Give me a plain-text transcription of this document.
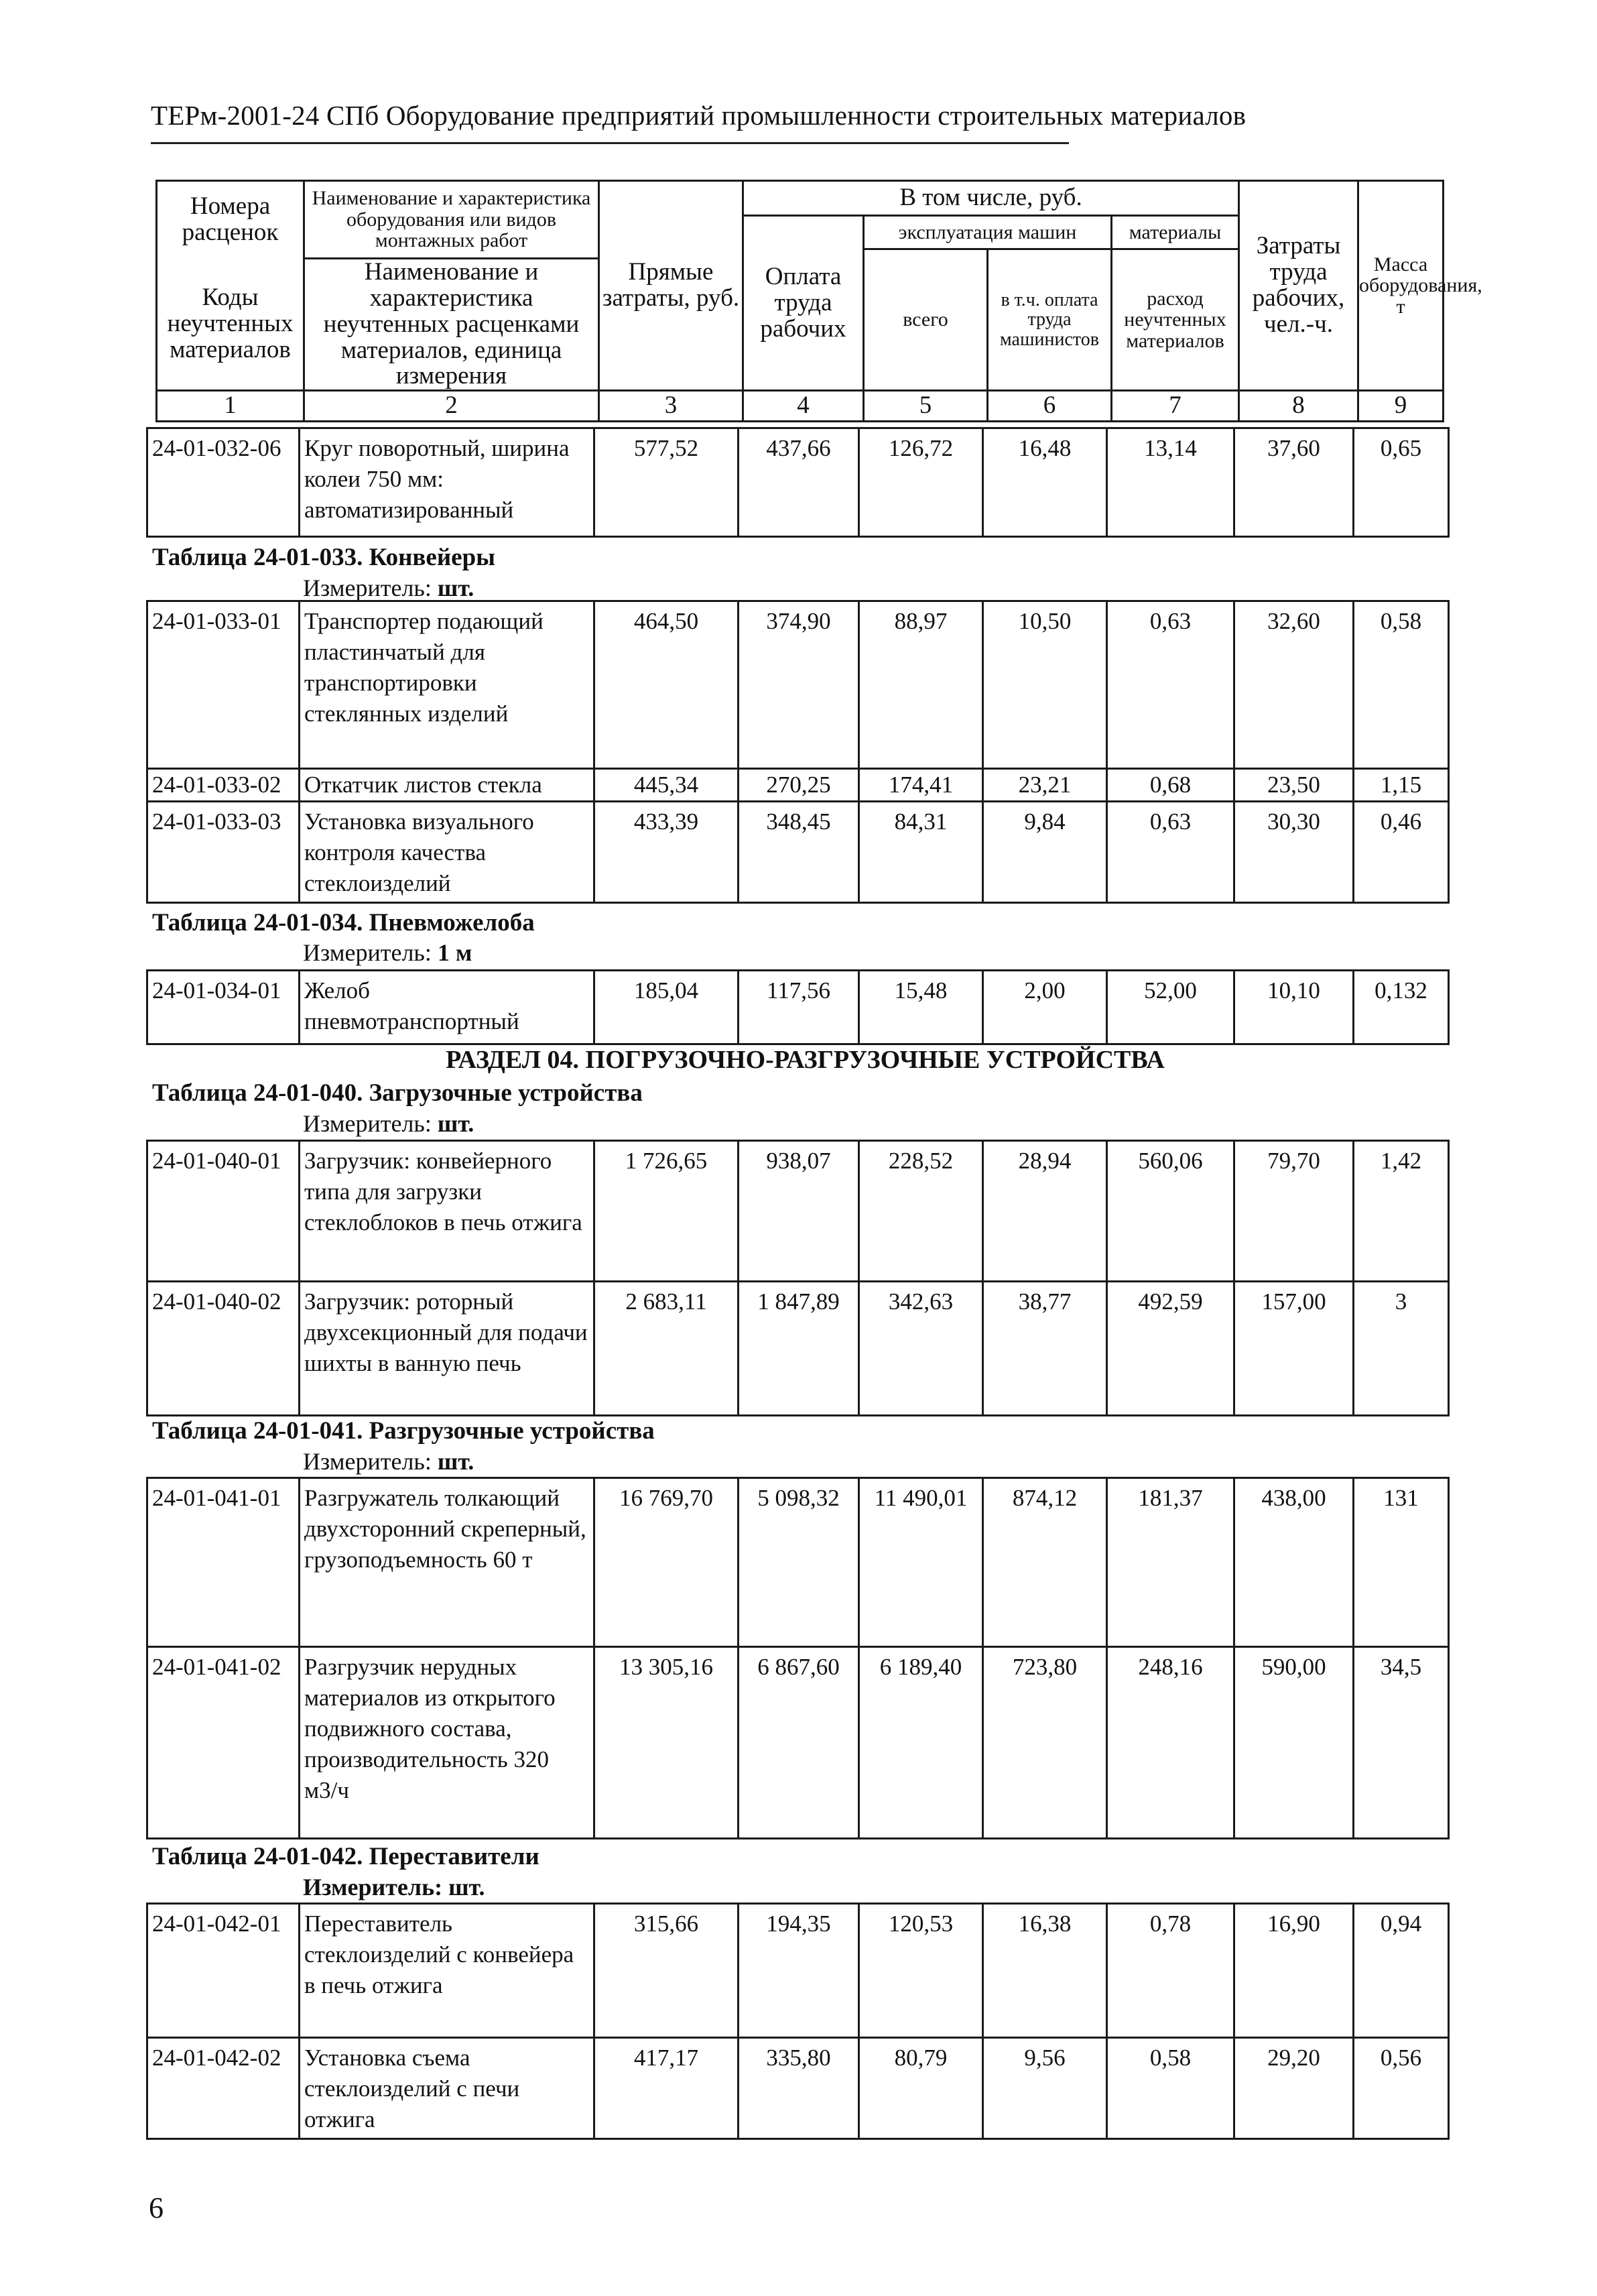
ТЕРм-2001-24 СПб Оборудование предприятий промышленности строительных материалов
Номера расценок	Наименование и характеристика оборудования или видов монтажных работ	Прямые затраты, руб.	В том числе, руб.				Затраты труда рабочих, чел.-ч.	Масса оборудования, т
			Оплата труда рабочих	эксплуатация машин		материалы		
				всего	в т.ч. оплата труда машинистов	расход неучтенных материалов		
Коды неучтенных материалов	Наименование и характеристика неучтенных расценками материалов, единица измерения							

1	2	3	4	5	6	7	8	9
24-01-032-06	Круг поворотный, ширина колеи 750 мм: автоматизированный	577,52	437,66	126,72	16,48	13,14	37,60	0,65
Таблица 24-01-033. Конвейеры
Измеритель: шт.
24-01-033-01	Транспортер подающий пластинчатый для транспортировки стеклянных изделий	464,50	374,90	88,97	10,50	0,63	32,60	0,58
24-01-033-02	Откатчик листов стекла	445,34	270,25	174,41	23,21	0,68	23,50	1,15
24-01-033-03	Установка визуального контроля качества стеклоизделий	433,39	348,45	84,31	9,84	0,63	30,30	0,46
Таблица 24-01-034. Пневможелоба
Измеритель: 1 м
24-01-034-01	Желоб пневмотранспортный	185,04	117,56	15,48	2,00	52,00	10,10	0,132
РАЗДЕЛ 04. ПОГРУЗОЧНО-РАЗГРУЗОЧНЫЕ УСТРОЙСТВА
Таблица 24-01-040. Загрузочные устройства
Измеритель: шт.
24-01-040-01	Загрузчик: конвейерного типа для загрузки стеклоблоков в печь отжига	1 726,65	938,07	228,52	28,94	560,06	79,70	1,42
24-01-040-02	Загрузчик: роторный двухсекционный для подачи шихты в ванную печь	2 683,11	1 847,89	342,63	38,77	492,59	157,00	3
Таблица 24-01-041. Разгрузочные устройства
Измеритель: шт.
24-01-041-01	Разгружатель толкающий двухсторонний скреперный, грузоподъемность 60 т	16 769,70	5 098,32	11 490,01	874,12	181,37	438,00	131
24-01-041-02	Разгрузчик нерудных материалов из открытого подвижного состава, производительность 320 м3/ч	13 305,16	6 867,60	6 189,40	723,80	248,16	590,00	34,5
Таблица 24-01-042. Переставители
Измеритель: шт.
24-01-042-01	Переставитель стеклоизделий с конвейера в печь отжига	315,66	194,35	120,53	16,38	0,78	16,90	0,94
24-01-042-02	Установка съема стеклоизделий с печи отжига	417,17	335,80	80,79	9,56	0,58	29,20	0,56
6
